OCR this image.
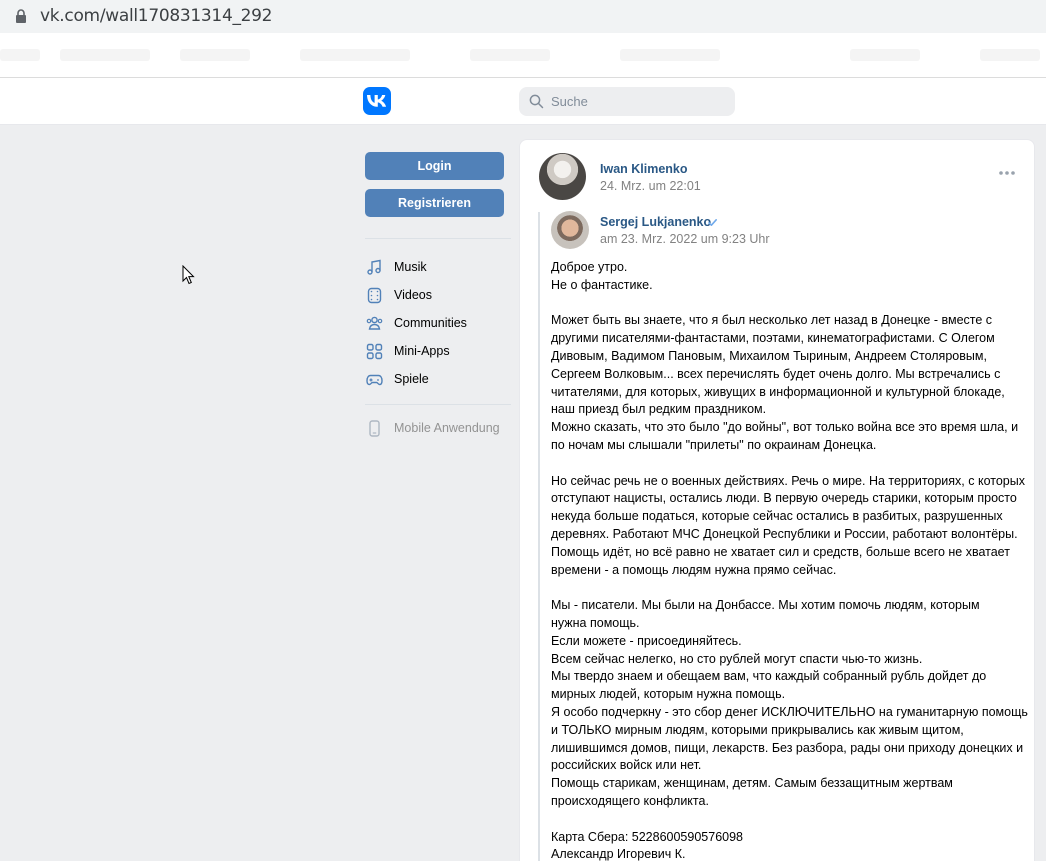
vk.com/wall170831314_292
Suche
Login
Registrieren
Musik
Videos
Communities
Mini-Apps
Spiele
Mobile Anwendung
Iwan Klimenko
24. Mrz. um 22:01
Sergej Lukjanenko
am 23. Mrz. 2022 um 9:23 Uhr

Доброе утро.

Не о фантастике.

Может быть вы знаете, что я был несколько лет назад в Донецке - вместе с

другими писателями-фантастами, поэтами, кинематографистами. С Олегом

Дивовым, Вадимом Пановым, Михаилом Тыриным, Андреем Столяровым,

Сергеем Волковым... всех перечислять будет очень долго. Мы встречались с

читателями, для которых, живущих в информационной и культурной блокаде,

наш приезд был редким праздником.

Можно сказать, что это было "до войны", вот только война все это время шла, и

по ночам мы слышали "прилеты" по окраинам Донецка.

Но сейчас речь не о военных действиях. Речь о мире. На территориях, с которых

отступают нацисты, остались люди. В первую очередь старики, которым просто

некуда больше податься, которые сейчас остались в разбитых, разрушенных

деревнях. Работают МЧС Донецкой Республики и России, работают волонтёры.

Помощь идёт, но всё равно не хватает сил и средств, больше всего не хватает

времени - а помощь людям нужна прямо сейчас.

Мы - писатели. Мы были на Донбассе. Мы хотим помочь людям, которым

нужна помощь.

Если можете - присоединяйтесь.

Всем сейчас нелегко, но сто рублей могут спасти чью-то жизнь.

Мы твердо знаем и обещаем вам, что каждый собранный рубль дойдет до

мирных людей, которым нужна помощь.

Я особо подчеркну - это сбор денег ИСКЛЮЧИТЕЛЬНО на гуманитарную помощь

и ТОЛЬКО мирным людям, которыми прикрывались как живым щитом,

лишившимся домов, пищи, лекарств. Без разбора, рады они приходу донецких и

российских войск или нет.

Помощь старикам, женщинам, детям. Самым беззащитным жертвам

происходящего конфликта.

Карта Сбера: 5228600590576098

Александр Игоревич К.
